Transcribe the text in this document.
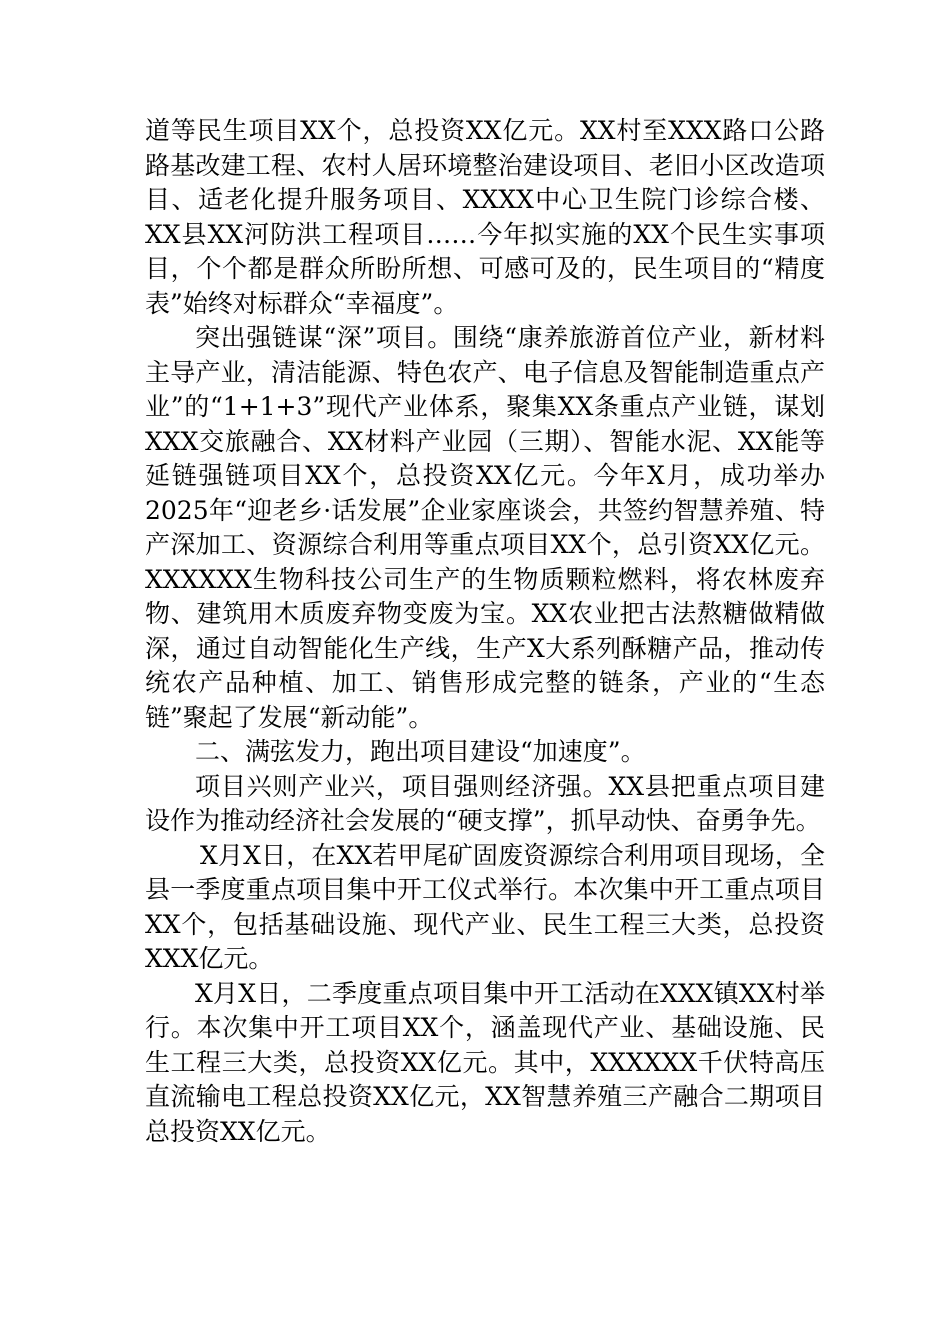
道等民生项目XX个，总投资XX亿元。XX村至XXX路口公路路基改建工程、农村人居环境整治建设项目、老旧小区改造项目、适老化提升服务项目、XXXX中心卫生院门诊综合楼、XX县XX河防洪工程项目……今年拟实施的XX个民生实事项目，个个都是群众所盼所想、可感可及的，民生项目的“精度表”始终对标群众“幸福度”。

突出强链谋“深”项目。围绕“康养旅游首位产业，新材料主导产业，清洁能源、特色农产、电子信息及智能制造重点产业”的“1+1+3”现代产业体系，聚集XX条重点产业链，谋划XXX交旅融合、XX材料产业园（三期）、智能水泥、XX能等延链强链项目XX个，总投资XX亿元。今年X月，成功举办2025年“迎老乡·话发展”企业家座谈会，共签约智慧养殖、特产深加工、资源综合利用等重点项目XX个，总引资XX亿元。XXXXXX生物科技公司生产的生物质颗粒燃料，将农林废弃物、建筑用木质废弃物变废为宝。XX农业把古法熬糖做精做深，通过自动智能化生产线，生产X大系列酥糖产品，推动传统农产品种植、加工、销售形成完整的链条，产业的“生态链”聚起了发展“新动能”。

二、满弦发力，跑出项目建设“加速度”。

项目兴则产业兴，项目强则经济强。XX县把重点项目建设作为推动经济社会发展的“硬支撑”，抓早动快、奋勇争先。

X月X日，在XX若甲尾矿固废资源综合利用项目现场，全县一季度重点项目集中开工仪式举行。本次集中开工重点项目XX个，包括基础设施、现代产业、民生工程三大类，总投资XXX亿元。

X月X日，二季度重点项目集中开工活动在XXX镇XX村举行。本次集中开工项目XX个，涵盖现代产业、基础设施、民生工程三大类，总投资XX亿元。其中，XXXXXX千伏特高压直流输电工程总投资XX亿元，XX智慧养殖三产融合二期项目总投资XX亿元。
